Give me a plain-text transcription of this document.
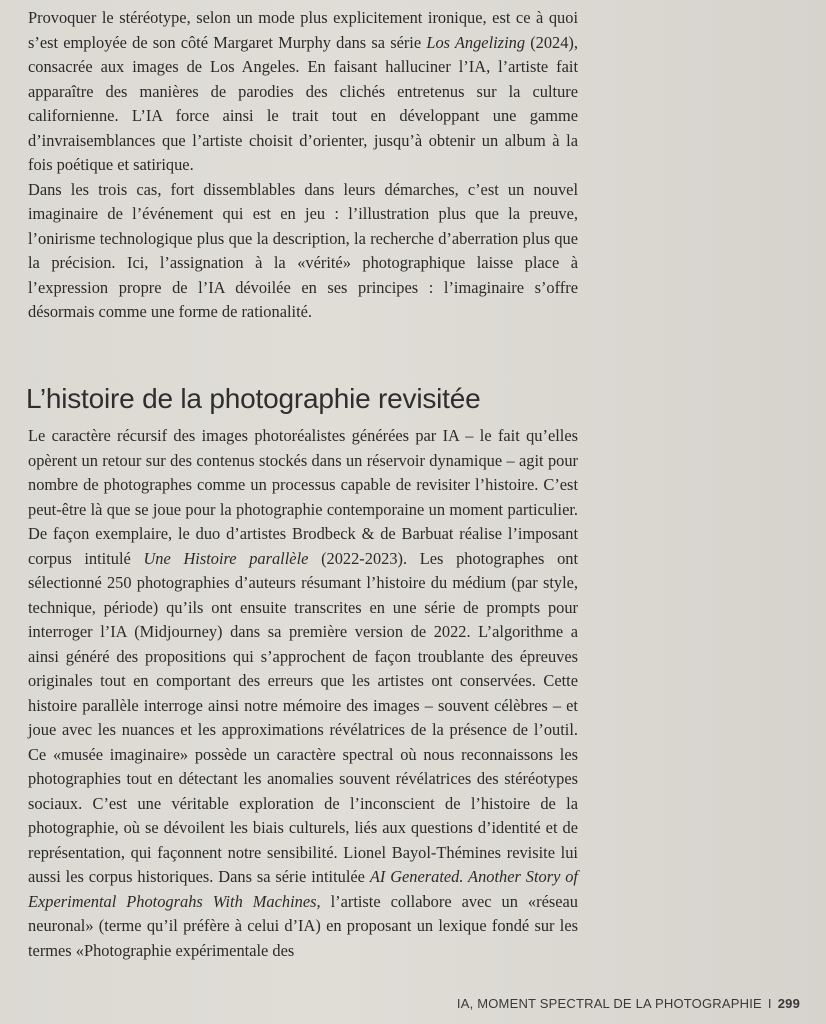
Provoquer le stéréotype, selon un mode plus explicitement ironique, est ce à quoi s’est employée de son côté Margaret Murphy dans sa série Los Angelizing (2024), consacrée aux images de Los Angeles. En faisant halluciner l’IA, l’artiste fait apparaître des manières de parodies des clichés entretenus sur la culture californienne. L’IA force ainsi le trait tout en développant une gamme d’invraisemblances que l’artiste choisit d’orienter, jusqu’à obtenir un album à la fois poétique et satirique.

Dans les trois cas, fort dissemblables dans leurs démarches, c’est un nouvel imaginaire de l’événement qui est en jeu : l’illustration plus que la preuve, l’onirisme technologique plus que la description, la recherche d’aberration plus que la précision. Ici, l’assignation à la «vérité» photographique laisse place à l’expression propre de l’IA dévoilée en ses principes : l’imaginaire s’offre désormais comme une forme de rationalité.

L’histoire de la photographie revisitée

Le caractère récursif des images photoréalistes générées par IA – le fait qu’elles opèrent un retour sur des contenus stockés dans un réservoir dynamique – agit pour nombre de photographes comme un processus capable de revisiter l’histoire. C’est peut-être là que se joue pour la photographie contemporaine un moment particulier. De façon exemplaire, le duo d’artistes Brodbeck & de Barbuat réalise l’imposant corpus intitulé Une Histoire parallèle (2022-2023). Les photographes ont sélectionné 250 photographies d’auteurs résumant l’histoire du médium (par style, technique, période) qu’ils ont ensuite transcrites en une série de prompts pour interroger l’IA (Midjourney) dans sa première version de 2022. L’algorithme a ainsi généré des propositions qui s’approchent de façon troublante des épreuves originales tout en comportant des erreurs que les artistes ont conservées. Cette histoire parallèle interroge ainsi notre mémoire des images – souvent célèbres – et joue avec les nuances et les approximations révélatrices de la présence de l’outil. Ce «musée imaginaire» possède un caractère spectral où nous reconnaissons les photographies tout en détectant les anomalies souvent révélatrices des stéréotypes sociaux. C’est une véritable exploration de l’inconscient de l’histoire de la photographie, où se dévoilent les biais culturels, liés aux questions d’identité et de représentation, qui façonnent notre sensibilité. Lionel Bayol-Thémines revisite lui aussi les corpus historiques. Dans sa série intitulée AI Generated. Another Story of Experimental Photograhs With Machines, l’artiste collabore avec un «réseau neuronal» (terme qu’il préfère à celui d’IA) en proposant un lexique fondé sur les termes «Photographie expérimentale des

IA, MOMENT SPECTRAL DE LA PHOTOGRAPHIE I 299
